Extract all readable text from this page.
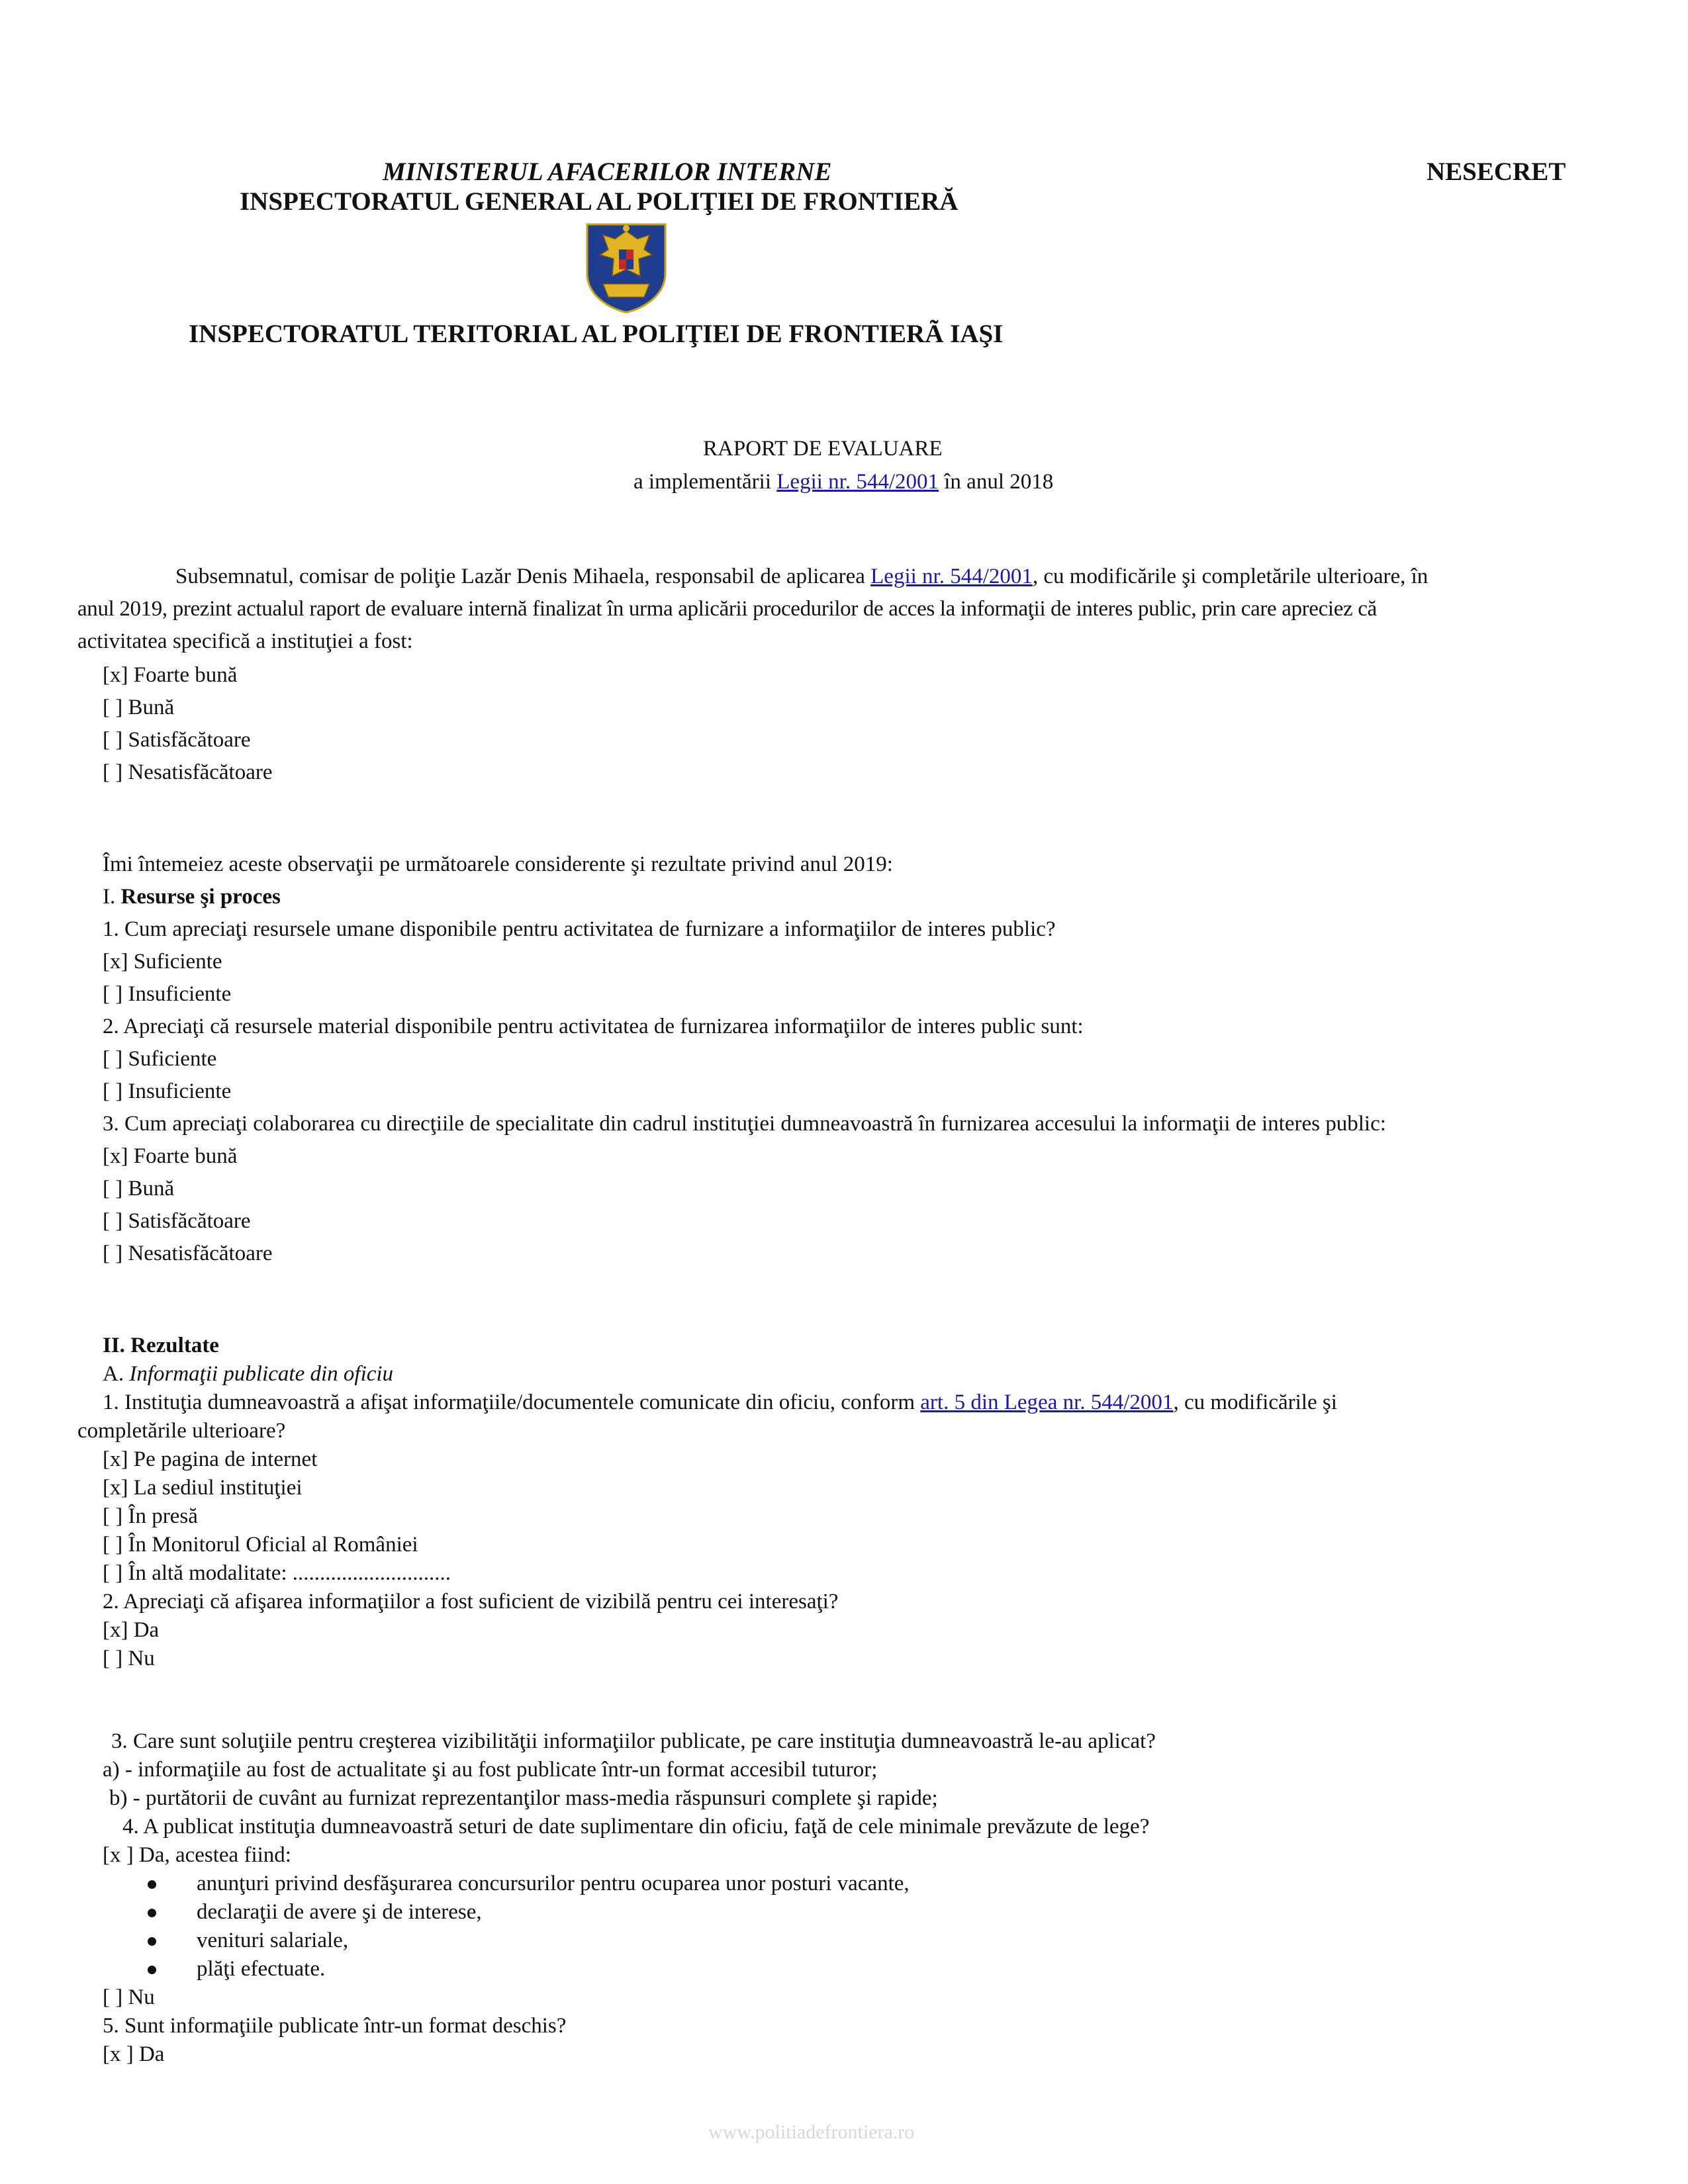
MINISTERUL AFACERILOR INTERNE	NESECRET
INSPECTORATUL GENERAL AL POLIŢIEI DE FRONTIERĂ
INSPECTORATUL TERITORIAL AL POLIŢIEI DE FRONTIERÃ IAŞI
RAPORT DE EVALUARE
a implementării Legii nr. 544/2001 în anul 2018
Subsemnatul, comisar de poliţie Lazăr Denis Mihaela, responsabil de aplicarea Legii nr. 544/2001, cu modificările şi completările ulterioare, în
anul 2019, prezint actualul raport de evaluare internă finalizat în urma aplicării procedurilor de acces la informaţii de interes public, prin care apreciez că
activitatea specifică a instituţiei a fost:
[x] Foarte bună
[ ] Bună
[ ] Satisfăcătoare
[ ] Nesatisfăcătoare
Îmi întemeiez aceste observaţii pe următoarele considerente şi rezultate privind anul 2019:
I. Resurse şi proces
1. Cum apreciaţi resursele umane disponibile pentru activitatea de furnizare a informaţiilor de interes public?
[x] Suficiente
[ ] Insuficiente
2. Apreciaţi că resursele material disponibile pentru activitatea de furnizarea informaţiilor de interes public sunt:
[ ] Suficiente
[ ] Insuficiente
3. Cum apreciaţi colaborarea cu direcţiile de specialitate din cadrul instituţiei dumneavoastră în furnizarea accesului la informaţii de interes public:
[x] Foarte bună
[ ] Bună
[ ] Satisfăcătoare
[ ] Nesatisfăcătoare
II. Rezultate
A. Informaţii publicate din oficiu
1. Instituţia dumneavoastră a afişat informaţiile/documentele comunicate din oficiu, conform art. 5 din Legea nr. 544/2001, cu modificările şi
completările ulterioare?
[x] Pe pagina de internet
[x] La sediul instituţiei
[ ] În presă
[ ] În Monitorul Oficial al României
[ ] În altă modalitate: .............................
2. Apreciaţi că afişarea informaţiilor a fost suficient de vizibilă pentru cei interesaţi?
[x] Da
[ ] Nu
3. Care sunt soluţiile pentru creşterea vizibilităţii informaţiilor publicate, pe care instituţia dumneavoastră le-au aplicat?
a) - informaţiile au fost de actualitate şi au fost publicate într-un format accesibil tuturor;
b) - purtătorii de cuvânt au furnizat reprezentanţilor mass-media răspunsuri complete şi rapide;
4. A publicat instituţia dumneavoastră seturi de date suplimentare din oficiu, faţă de cele minimale prevăzute de lege?
[x ] Da, acestea fiind:
anunţuri privind desfăşurarea concursurilor pentru ocuparea unor posturi vacante,
declaraţii de avere şi de interese,
venituri salariale,
plăţi efectuate.
[ ] Nu
5. Sunt informaţiile publicate într-un format deschis?
[x ] Da
www.politiadefrontiera.ro
